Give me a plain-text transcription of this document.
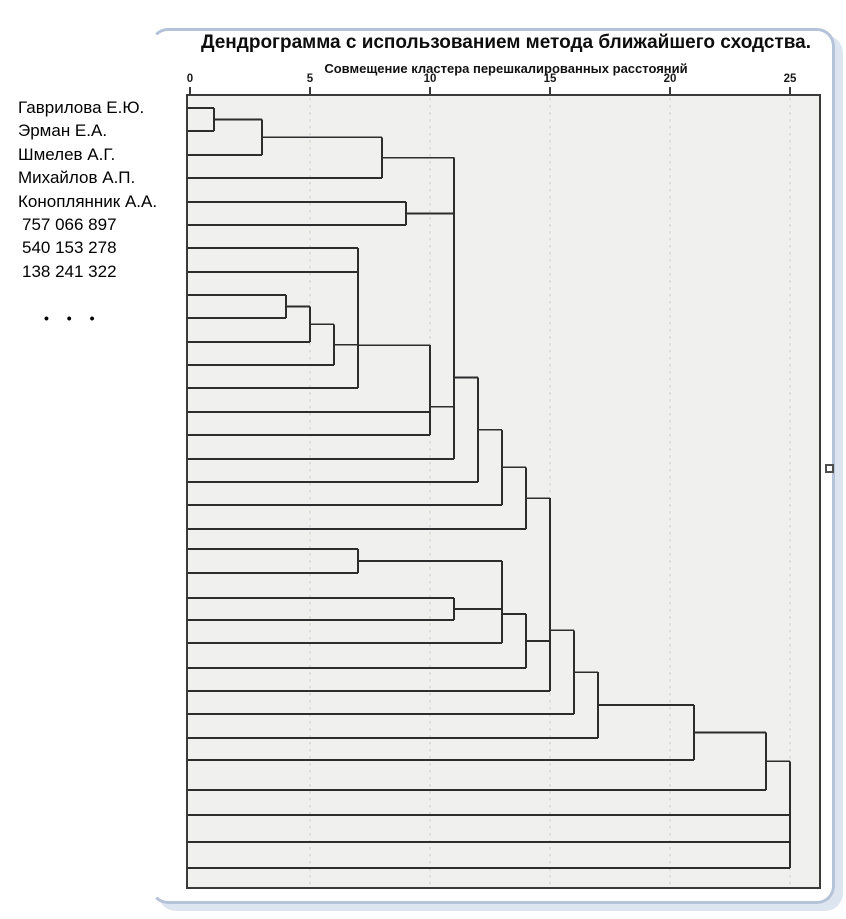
Дендрограмма с использованием метода ближайшего сходства.
Совмещение кластера перешкалированных расстояний
0	5	10	15	20	25
Гаврилова Е.Ю.
Эрман Е.А.
Шмелев А.Г.
Михайлов А.П.
Коноплянник А.А.
757 066 897
540 153 278
138 241 322
• • •
